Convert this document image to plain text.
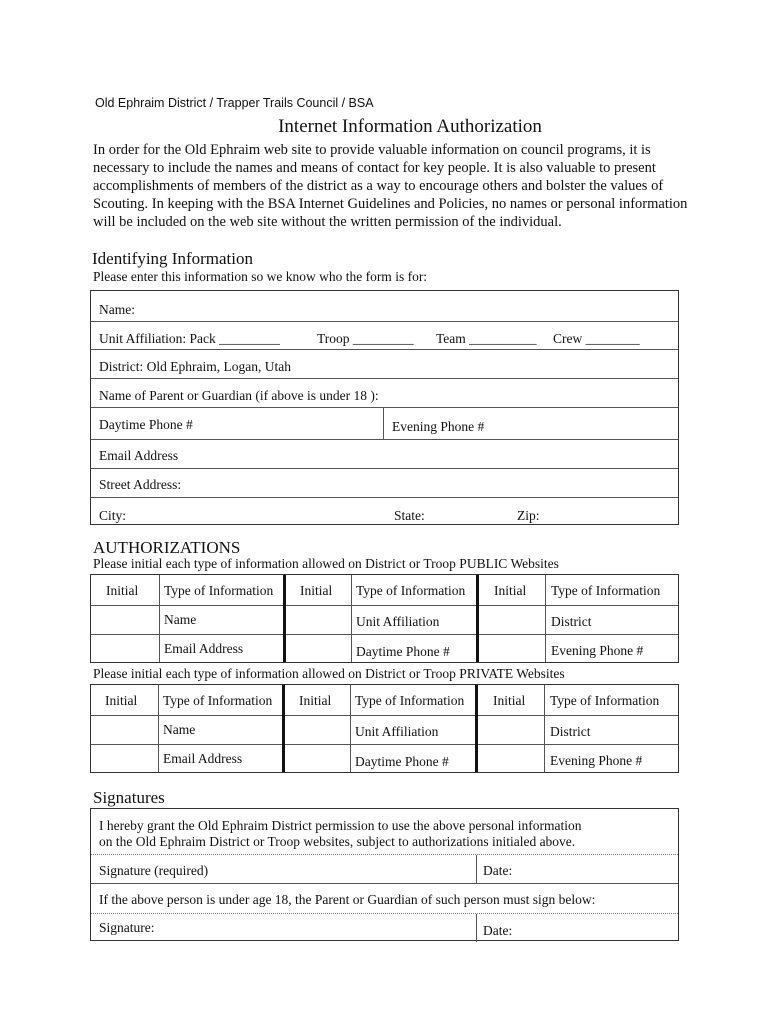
Old Ephraim District / Trapper Trails Council / BSA
Internet Information Authorization
In order for the Old Ephraim web site to provide valuable information on council programs, it is necessary to include the names and means of contact for key people. It is also valuable to present accomplishments of members of the district as a way to encourage others and bolster the values of Scouting. In keeping with the BSA Internet Guidelines and Policies, no names or personal information will be included on the web site without the written permission of the individual.
Identifying Information
Please enter this information so we know who the form is for:
Name:
Unit Affiliation: Pack _________	Troop _________ Team __________ Crew ________
District: Old Ephraim, Logan, Utah
Name of Parent or Guardian (if above is under 18 ):
Daytime Phone #	Evening Phone #
Email Address
Street Address:
City:	State:	Zip:
AUTHORIZATIONS
Please initial each type of information allowed on District or Troop PUBLIC Websites
Initial Type of Information Initial Type of Information Initial Type of Information
Name	Unit Affiliation	District
Email Address	Daytime Phone #	Evening Phone #
Please initial each type of information allowed on District or Troop PRIVATE Websites
Initial Type of Information Initial Type of Information Initial Type of Information
Name	Unit Affiliation	District
Email Address	Daytime Phone #	Evening Phone #
Signatures
I hereby grant the Old Ephraim District permission to use the above personal information
on the Old Ephraim District or Troop websites, subject to authorizations initialed above.
Signature (required)	Date:
If the above person is under age 18, the Parent or Guardian of such person must sign below:
Signature:	Date:
